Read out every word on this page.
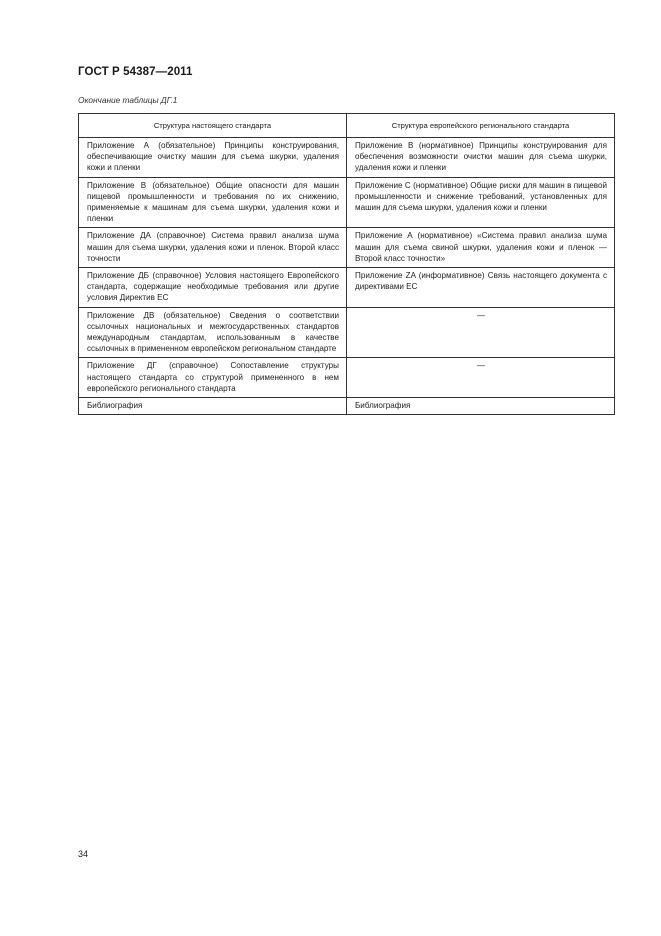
ГОСТ Р 54387—2011
Окончание таблицы ДГ.1
Структура настоящего стандарта	Структура европейского регионального стандарта
Приложение А (обязательное) Принципы конструирования, обеспечивающие очистку машин для съема шкурки, удаления кожи и пленки	Приложение В (нормативное) Принципы конструирования для обеспечения возможности очистки машин для съема шкурки, удаления кожи и пленки
Приложение В (обязательное) Общие опасности для машин пищевой промышленности и требования по их снижению, применяемые к машинам для съема шкурки, удаления кожи и пленки	Приложение С (нормативное) Общие риски для машин в пищевой промышленности и снижение требований, установленных для машин для съема шкурки, удаления кожи и пленки
Приложение ДА (справочное) Система правил анализа шума машин для съема шкурки, удаления кожи и пленок. Второй класс точности	Приложение А (нормативное) «Система правил анализа шума машин для съема свиной шкурки, удаления кожи и пленок — Второй класс точности»
Приложение ДБ (справочное) Условия настоящего Европейского стандарта, содержащие необходимые требования или другие условия Директив ЕС	Приложение ZA (информативное) Связь настоящего документа с директивами ЕС
Приложение ДВ (обязательное) Сведения о соответствии ссылочных национальных и межгосударственных стандартов международным стандартам, использованным в качестве ссылочных в примененном европейском региональном стандарте	—
Приложение ДГ (справочное) Сопоставление структуры настоящего стандарта со структурой примененного в нем европейского регионального стандарта	—
Библиография	Библиография
34
